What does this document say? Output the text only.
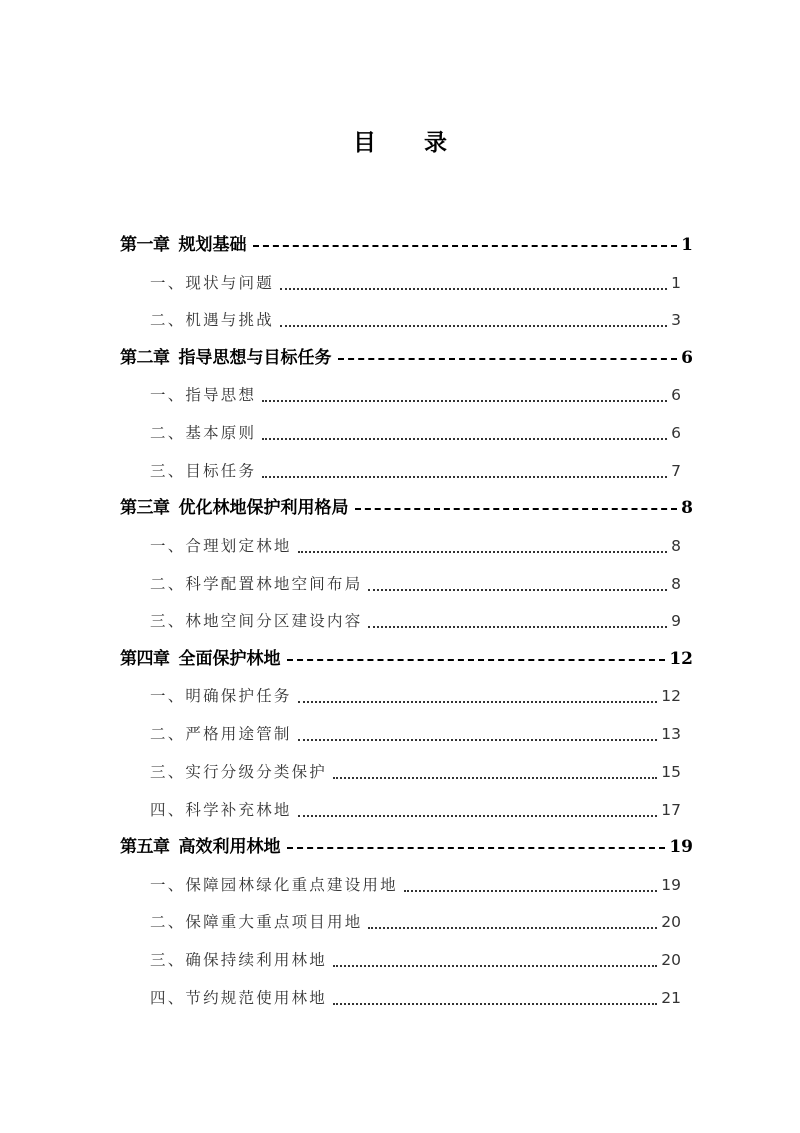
目 录
第一章 规划基础	1
一、现状与问题	1
二、机遇与挑战	3
第二章 指导思想与目标任务	6
一、指导思想	6
二、基本原则	6
三、目标任务	7
第三章 优化林地保护利用格局	8
一、合理划定林地	8
二、科学配置林地空间布局	8
三、林地空间分区建设内容	9
第四章 全面保护林地	12
一、明确保护任务	12
二、严格用途管制	13
三、实行分级分类保护	15
四、科学补充林地	17
第五章 高效利用林地	19
一、保障园林绿化重点建设用地	19
二、保障重大重点项目用地	20
三、确保持续利用林地	20
四、节约规范使用林地	21
